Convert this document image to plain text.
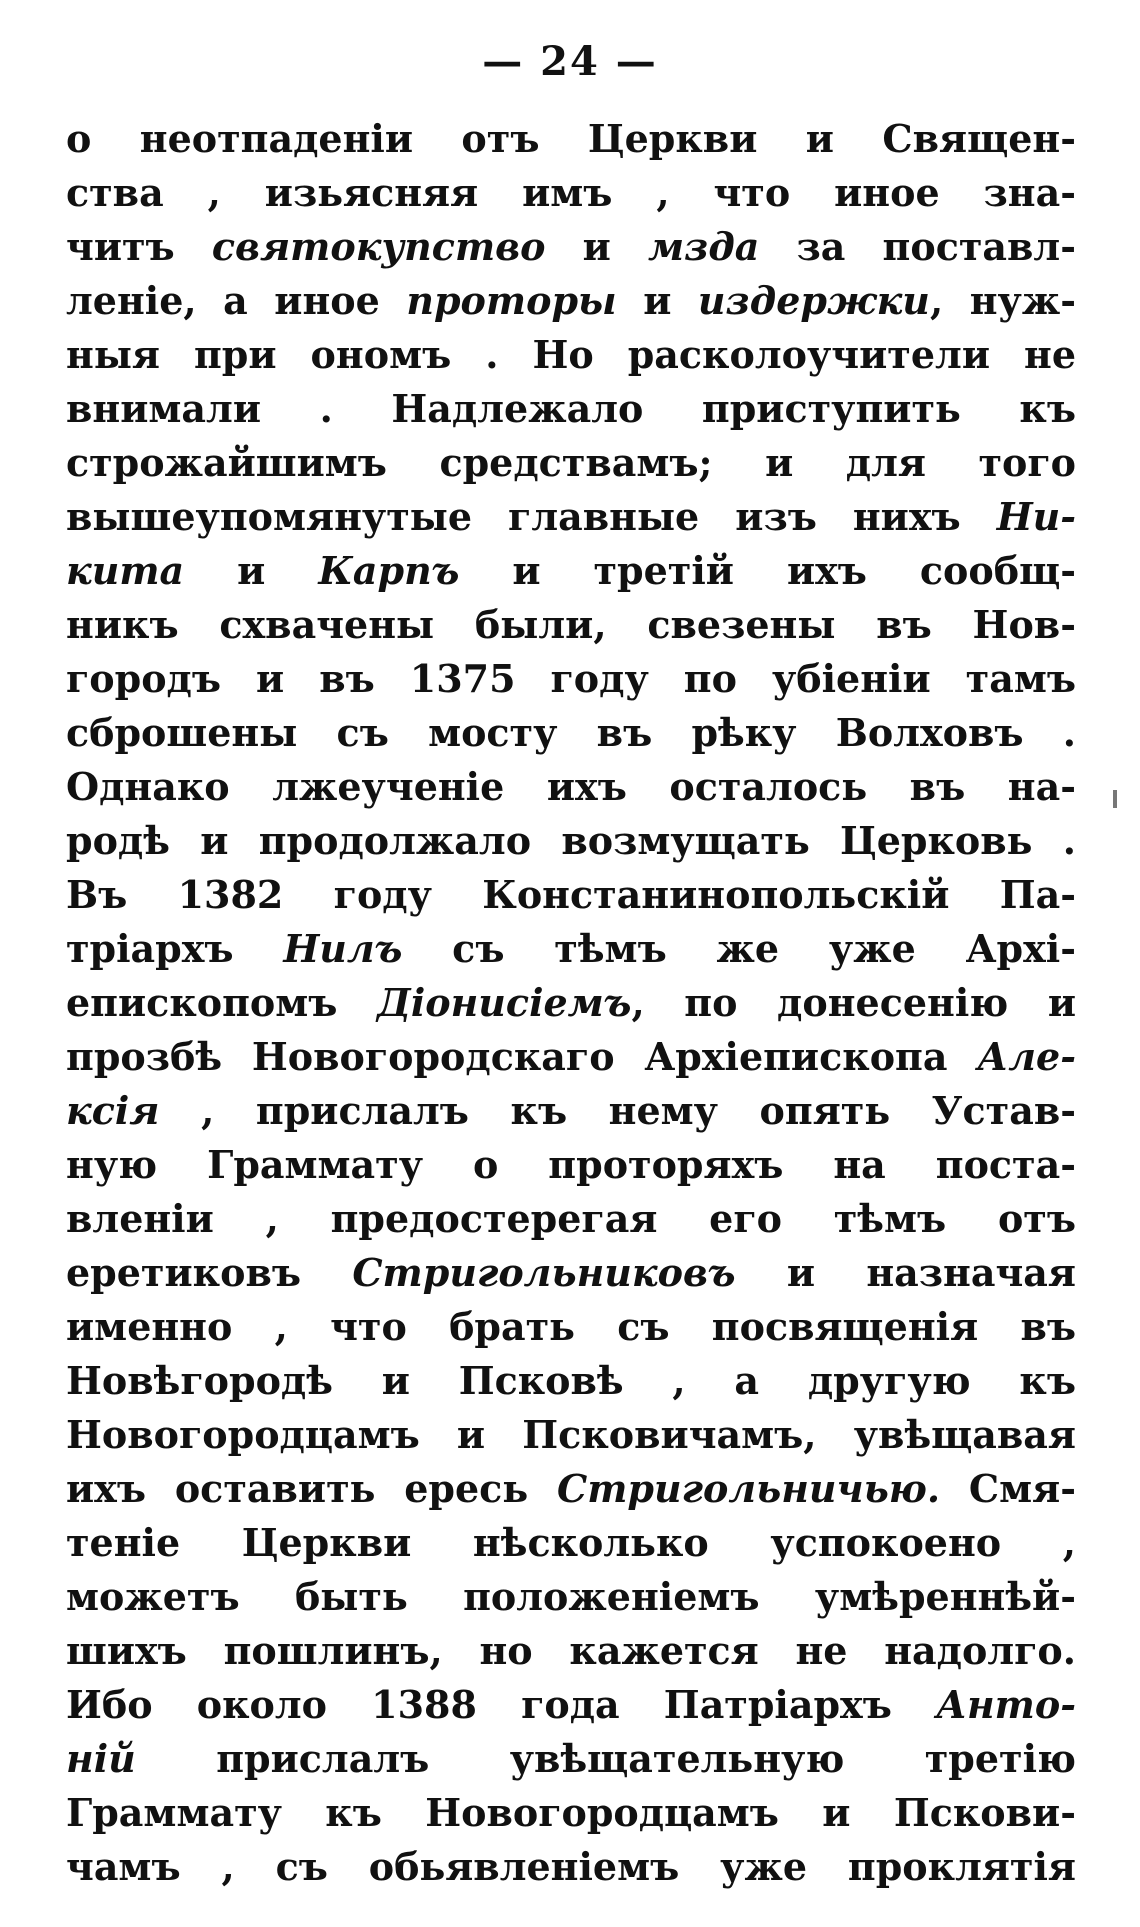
— 24 —
о неотпаденіи отъ Церкви и Священ-
ства , изьясняя имъ , что иное зна-
читъ святокупство и мзда за поставл-
леніе, а иное проторы и издержки, нуж-
ныя при ономъ . Но расколоучители не
внимали . Надлежало приступить къ
строжайшимъ средствамъ; и для того
вышеупомянутые главные изъ нихъ Ни-
кита и Карпъ и третій ихъ сообщ-
никъ схвачены были, свезены въ Нов-
городъ и въ 1375 году по убіеніи тамъ
сброшены съ мосту въ рѣку Волховъ .
Однако лжеученіе ихъ осталось въ на-
родѣ и продолжало возмущать Церковь .
Въ 1382 году Констанинопольскій Па-
тріархъ Нилъ съ тѣмъ же уже Архі-
епископомъ Діонисіемъ, по донесенію и
прозбѣ Новогородскаго Архіепископа Але-
ксія , прислалъ къ нему опять Устав-
ную Граммату о проторяхъ на поста-
вленіи , предостерегая его тѣмъ отъ
еретиковъ Стригольниковъ и назначая
именно , что брать съ посвященія въ
Новѣгородѣ и Псковѣ , а другую къ
Новогородцамъ и Псковичамъ, увѣщавая
ихъ оставить ересь Стригольничью. Смя-
теніе Церкви нѣсколько успокоено ,
можетъ быть положеніемъ умѣреннѣй-
шихъ пошлинъ, но кажется не надолго.
Ибо около 1388 года Патріархъ Анто-
ній прислалъ увѣщательную третію
Граммату къ Новогородцамъ и Пскови-
чамъ , съ обьявленіемъ уже проклятія
